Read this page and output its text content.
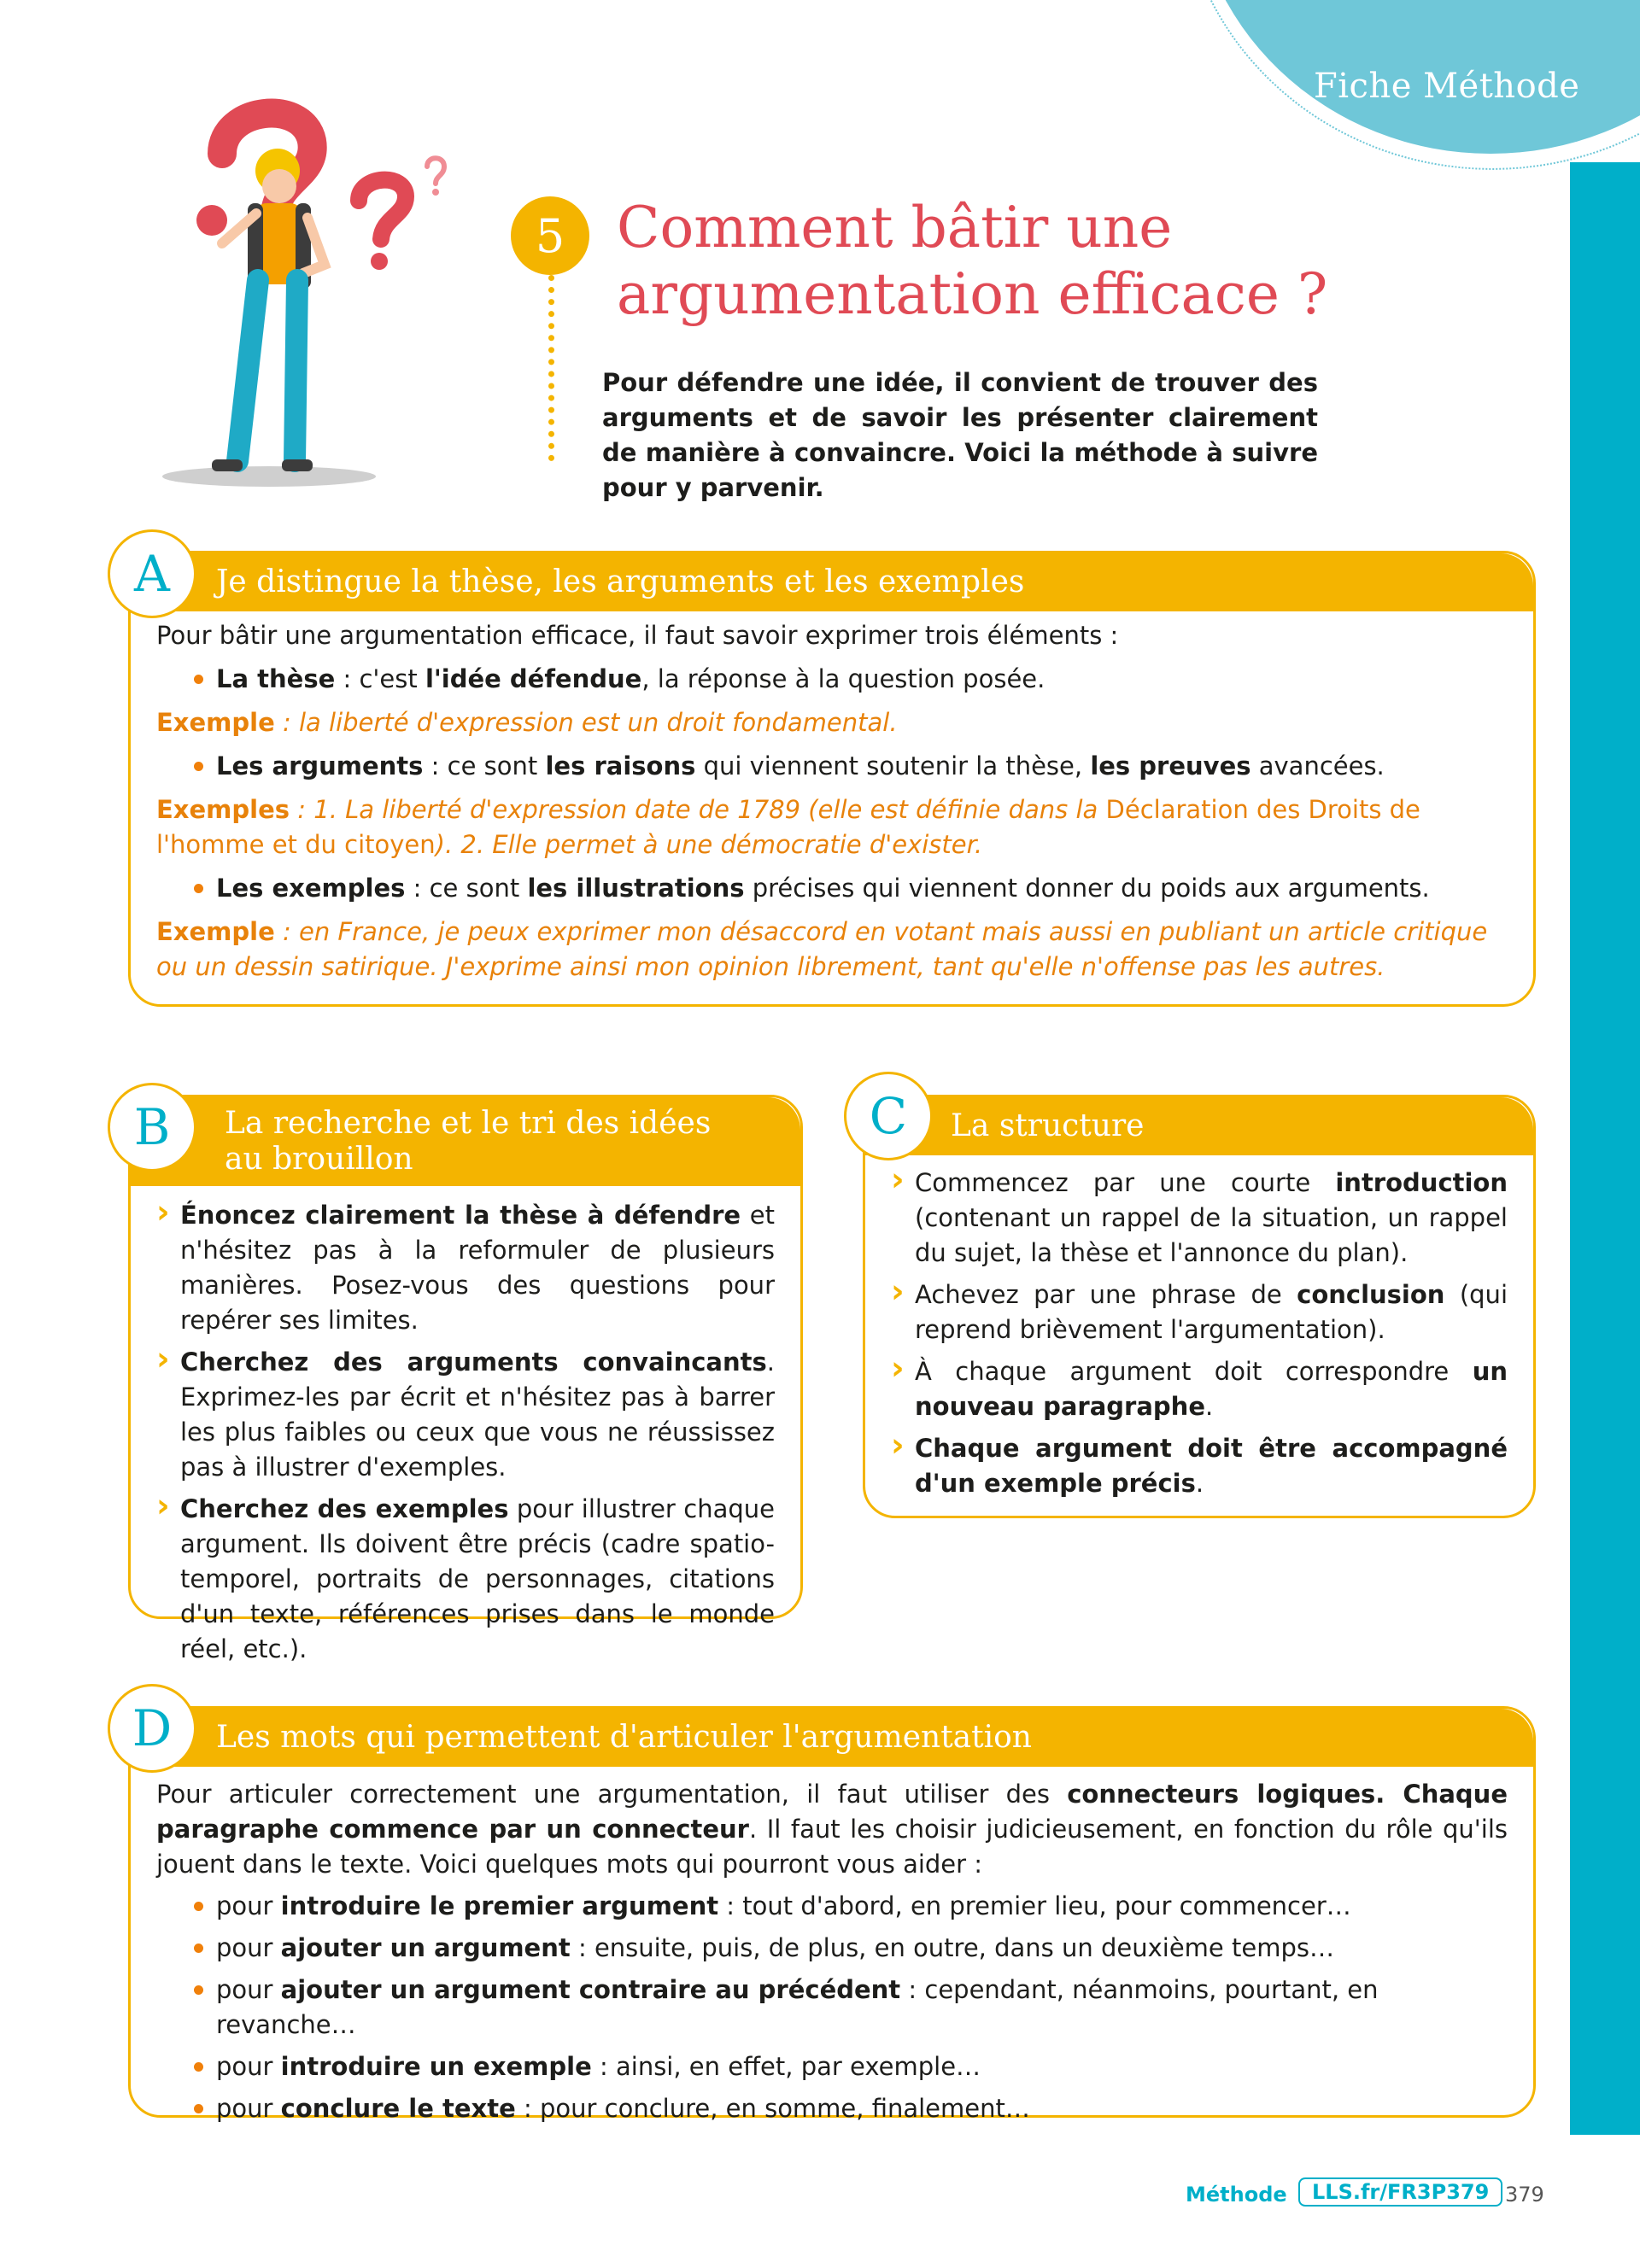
Fiche Méthode
5 Comment bâtir une
argumentation efficace ?

Pour défendre une idée, il convient de trouver des arguments et de savoir les présenter clairement de manière à convaincre. Voici la méthode à suivre pour y parvenir.

Je distingue la thèse, les arguments et les exemples

Pour bâtir une argumentation efficace, il faut savoir exprimer trois éléments :

La thèse : c'est l'idée défendue, la réponse à la question posée.

Exemple : la liberté d'expression est un droit fondamental.

Les arguments : ce sont les raisons qui viennent soutenir la thèse, les preuves avancées.

Exemples : 1. La liberté d'expression date de 1789 (elle est définie dans la Déclaration des Droits de l'homme et du citoyen). 2. Elle permet à une démocratie d'exister.

Les exemples : ce sont les illustrations précises qui viennent donner du poids aux arguments.

Exemple : en France, je peux exprimer mon désaccord en votant mais aussi en publiant un article critique ou un dessin satirique. J'exprime ainsi mon opinion librement, tant qu'elle n'offense pas les autres.

A
La recherche et le tri des idées
au brouillon

› Énoncez clairement la thèse à défendre et n'hésitez pas à la reformuler de plusieurs manières. Posez-vous des questions pour repérer ses limites.

› Cherchez des arguments convaincants. Exprimez-les par écrit et n'hésitez pas à barrer les plus faibles ou ceux que vous ne réussissez pas à illustrer d'exemples.

› Cherchez des exemples pour illustrer chaque argument. Ils doivent être précis (cadre spatio-temporel, portraits de personnages, citations d'un texte, références prises dans le monde réel, etc.).

B	La structure

› Commencez par une courte introduction (contenant un rappel de la situation, un rappel du sujet, la thèse et l'annonce du plan).

› Achevez par une phrase de conclusion (qui reprend brièvement l'argumentation).

› À chaque argument doit correspondre un nouveau paragraphe.

› Chaque argument doit être accompagné d'un exemple précis.

C
Les mots qui permettent d'articuler l'argumentation

Pour articuler correctement une argumentation, il faut utiliser des connecteurs logiques. Chaque paragraphe commence par un connecteur. Il faut les choisir judicieusement, en fonction du rôle qu'ils jouent dans le texte. Voici quelques mots qui pourront vous aider :

pour introduire le premier argument : tout d'abord, en premier lieu, pour commencer…

pour ajouter un argument : ensuite, puis, de plus, en outre, dans un deuxième temps…

pour ajouter un argument contraire au précédent : cependant, néanmoins, pourtant, en revanche…

pour introduire un exemple : ainsi, en effet, par exemple…

pour conclure le texte : pour conclure, en somme, finalement…

D
Méthode	LLS.fr/FR3P379 379
